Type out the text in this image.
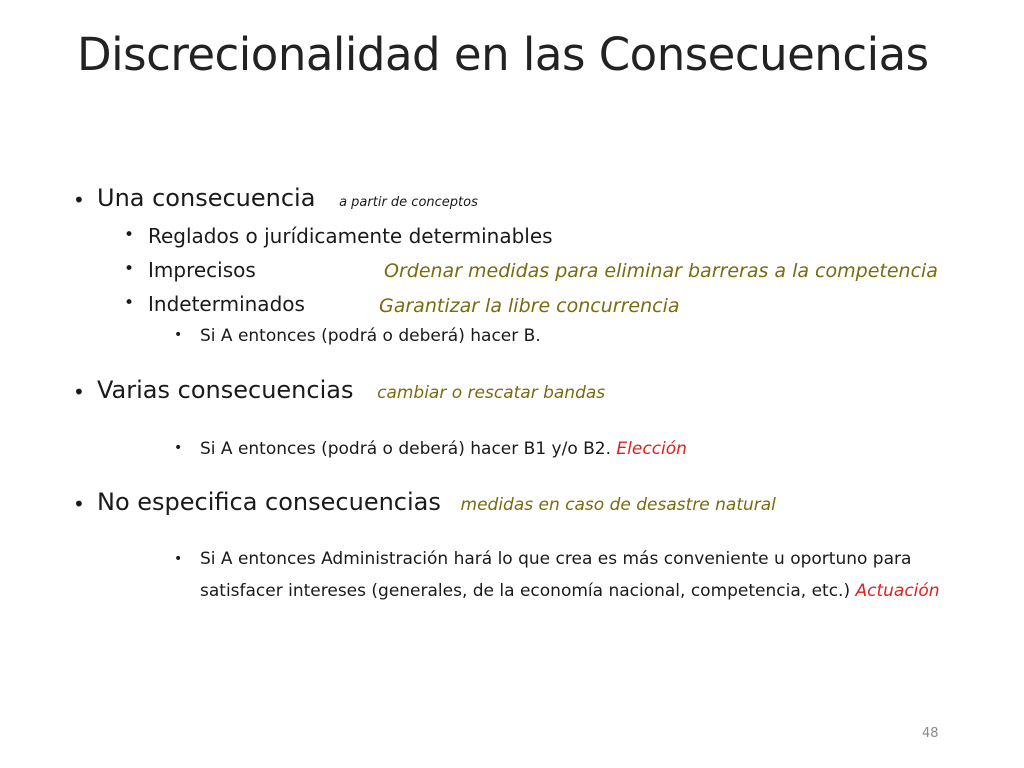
Discrecionalidad en las Consecuencias
• Una consecuencia a partir de conceptos
• Reglados o jurídicamente determinables
• Imprecisos	Ordenar medidas para eliminar barreras a la competencia
• Indeterminados	Garantizar la libre concurrencia
• Si A entonces (podrá o deberá) hacer B.
• Varias consecuencias cambiar o rescatar bandas
• Si A entonces (podrá o deberá) hacer B1 y/o B2. Elección
• No especifica consecuencias medidas en caso de desastre natural
• Si A entonces Administración hará lo que crea es más conveniente u oportuno para satisfacer intereses (generales, de la economía nacional, competencia, etc.) Actuación
48
